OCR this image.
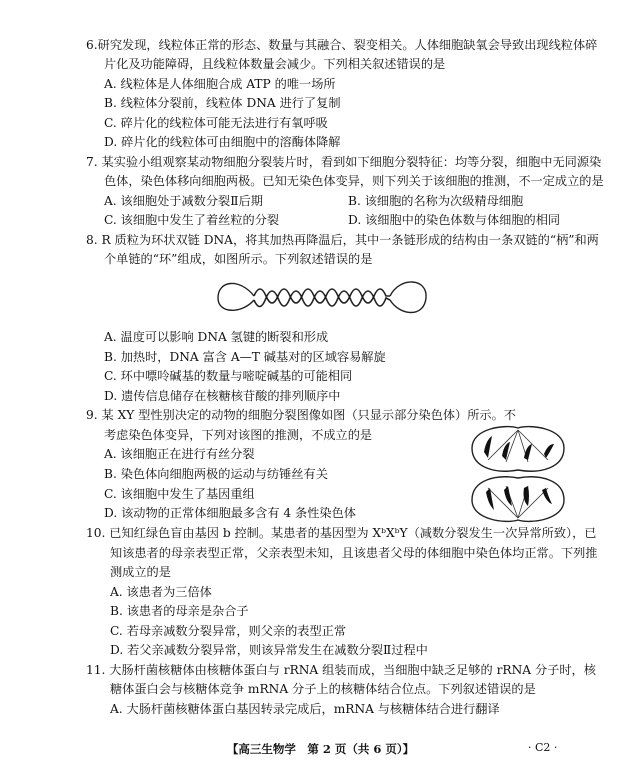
6.研究发现，线粒体正常的形态、数量与其融合、裂变相关。人体细胞缺氧会导致出现线粒体碎
片化及功能障碍，且线粒体数量会减少。下列相关叙述错误的是
A. 线粒体是人体细胞合成 ATP 的唯一场所
B. 线粒体分裂前，线粒体 DNA 进行了复制
C. 碎片化的线粒体可能无法进行有氧呼吸
D. 碎片化的线粒体可由细胞中的溶酶体降解
7. 某实验小组观察某动物细胞分裂装片时，看到如下细胞分裂特征：均等分裂，细胞中无同源染
色体，染色体移向细胞两极。已知无染色体变异，则下列关于该细胞的推测，不一定成立的是
A. 该细胞处于减数分裂Ⅱ后期	B. 该细胞的名称为次级精母细胞
C. 该细胞中发生了着丝粒的分裂	D. 该细胞中的染色体数与体细胞的相同
8. R 质粒为环状双链 DNA，将其加热再降温后，其中一条链形成的结构由一条双链的“柄”和两
个单链的“环”组成，如图所示。下列叙述错误的是
A. 温度可以影响 DNA 氢键的断裂和形成
B. 加热时，DNA 富含 A—T 碱基对的区域容易解旋
C. 环中嘌呤碱基的数量与嘧啶碱基的可能相同
D. 遗传信息储存在核糖核苷酸的排列顺序中
9. 某 XY 型性别决定的动物的细胞分裂图像如图（只显示部分染色体）所示。不
考虑染色体变异，下列对该图的推测，不成立的是
A. 该细胞正在进行有丝分裂
B. 染色体向细胞两极的运动与纺锤丝有关
C. 该细胞中发生了基因重组
D. 该动物的正常体细胞最多含有 4 条性染色体
10. 已知红绿色盲由基因 b 控制。某患者的基因型为 XᵇXᵇY（减数分裂发生一次异常所致），已
知该患者的母亲表型正常，父亲表型未知，且该患者父母的体细胞中染色体均正常。下列推
测成立的是
A. 该患者为三倍体
B. 该患者的母亲是杂合子
C. 若母亲减数分裂异常，则父亲的表型正常
D. 若父亲减数分裂异常，则该异常发生在减数分裂Ⅱ过程中
11. 大肠杆菌核糖体由核糖体蛋白与 rRNA 组装而成，当细胞中缺乏足够的 rRNA 分子时，核
糖体蛋白会与核糖体竞争 mRNA 分子上的核糖体结合位点。下列叙述错误的是
A. 大肠杆菌核糖体蛋白基因转录完成后，mRNA 与核糖体结合进行翻译
【高三生物学　第 2 页（共 6 页）】	· C2 ·
